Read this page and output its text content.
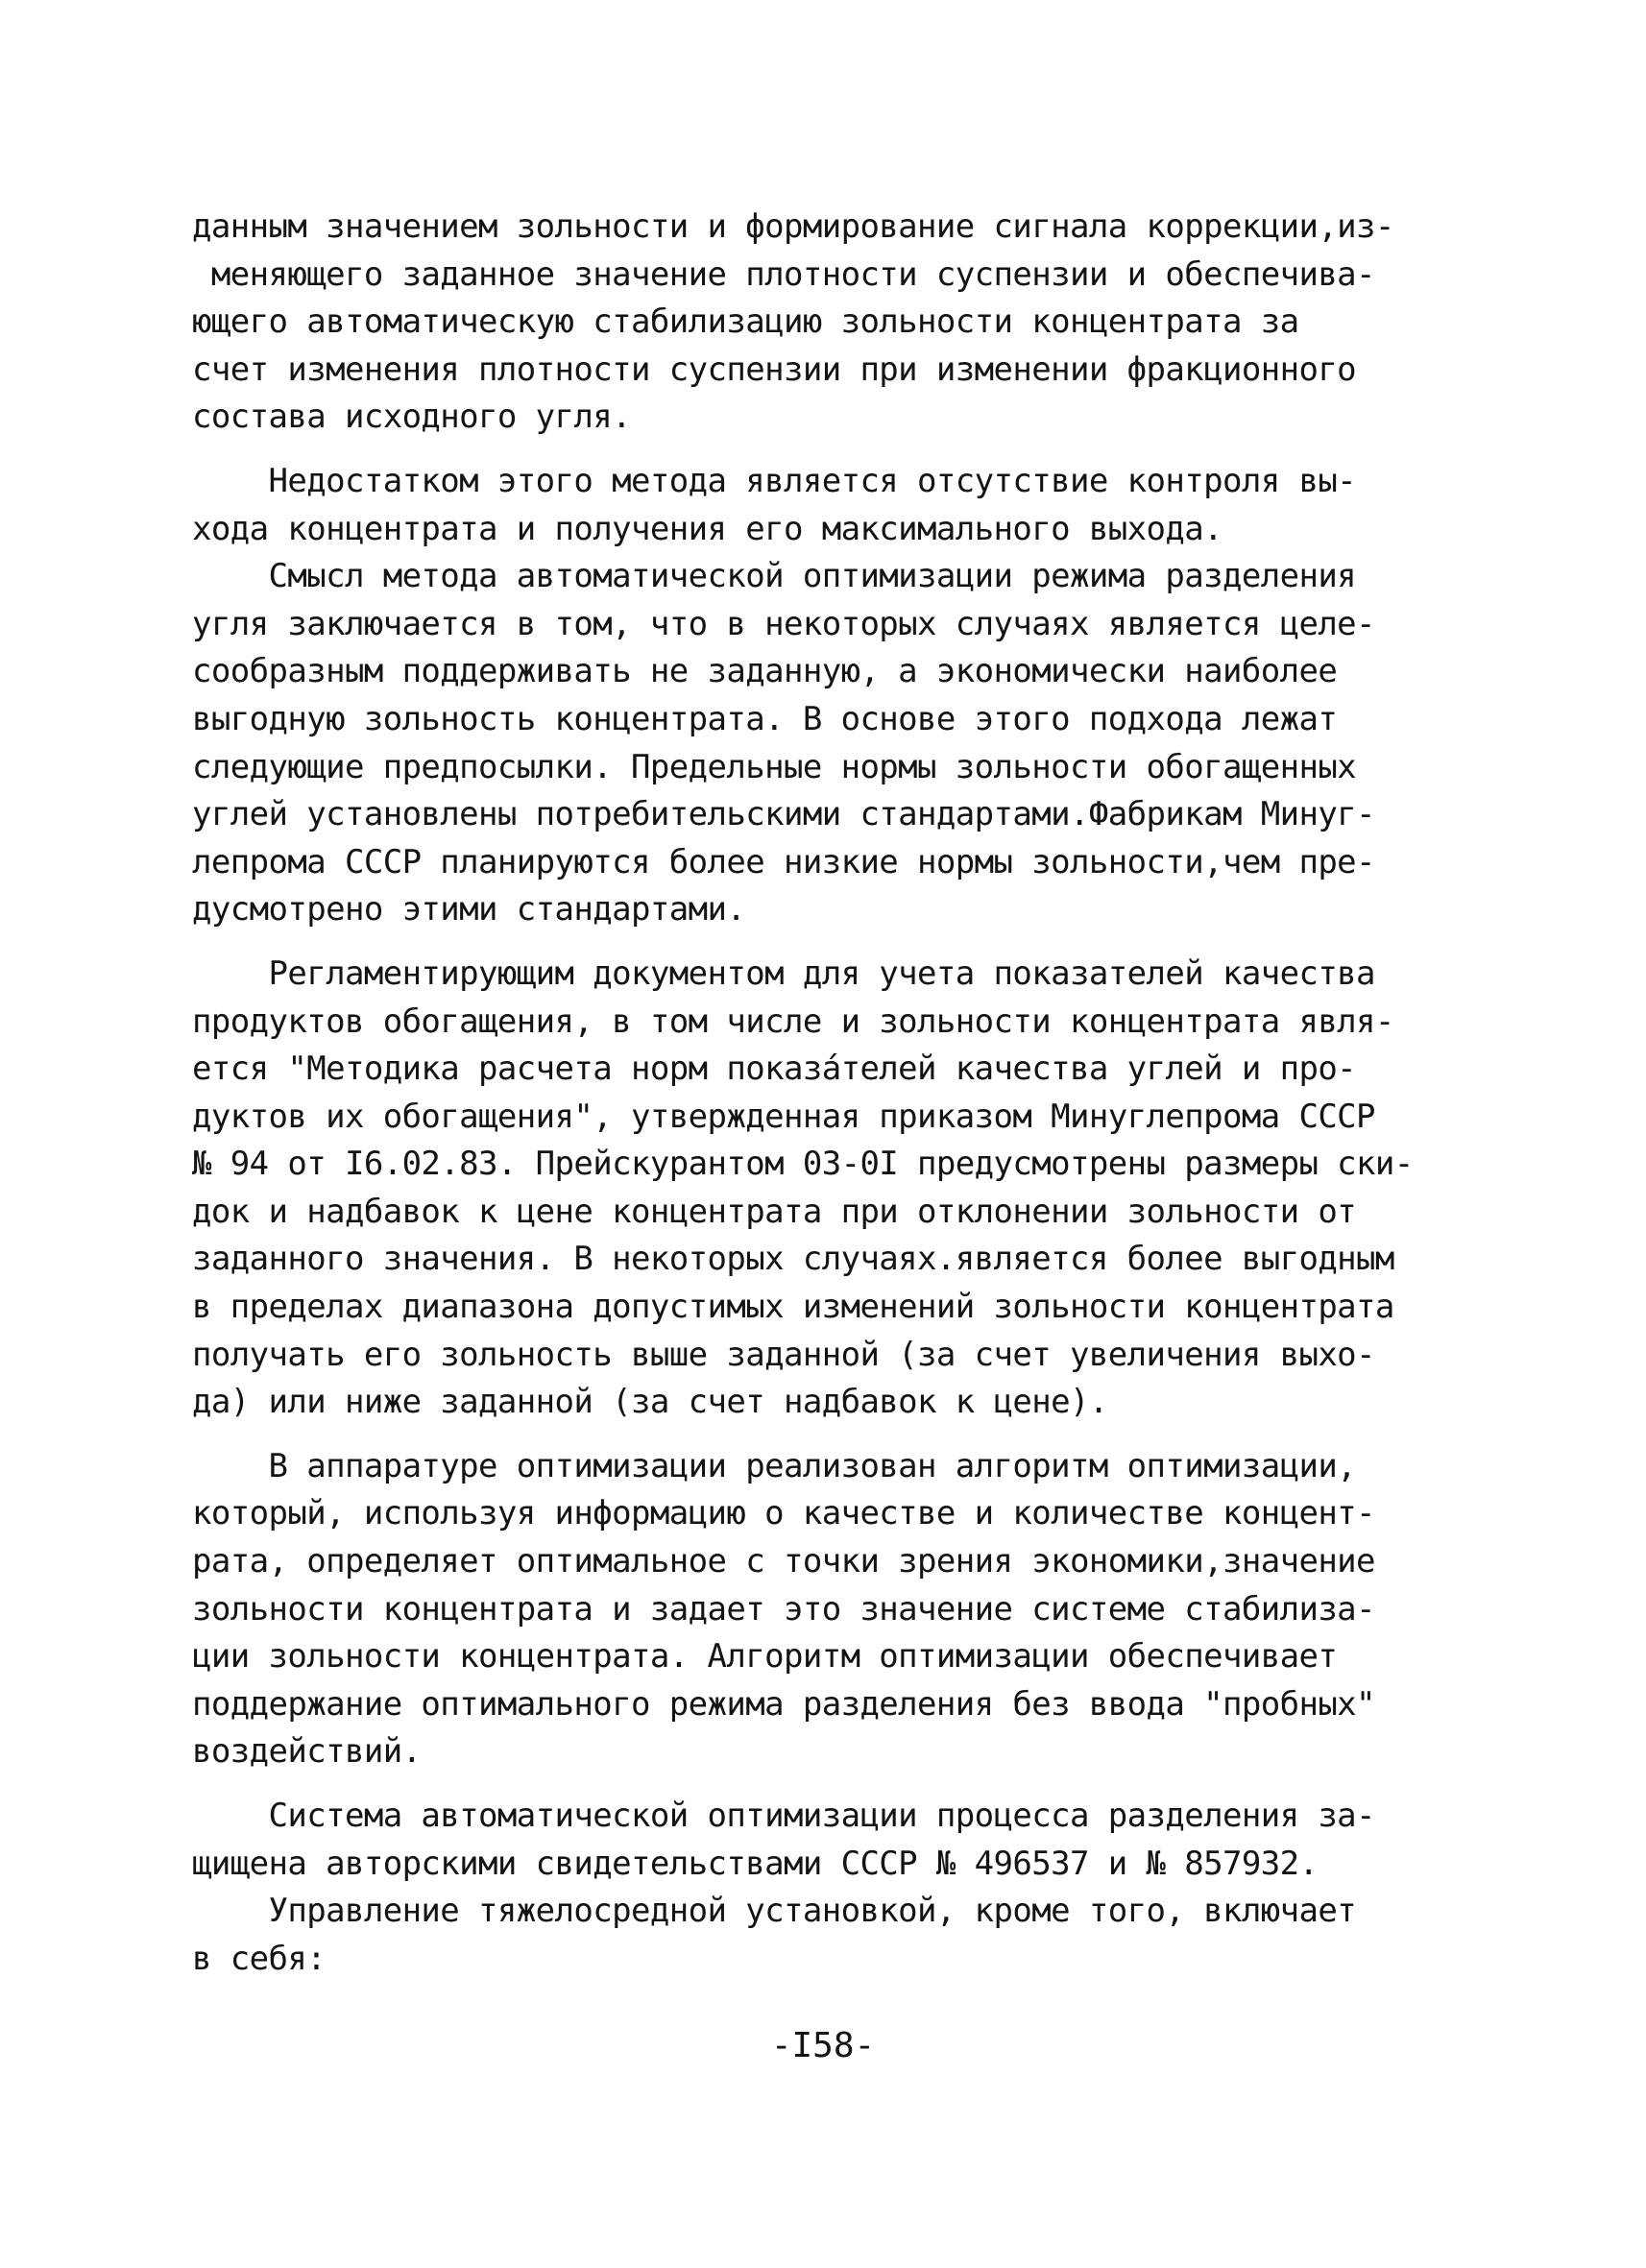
данным значением зольности и формирование сигнала коррекции,из-
меняющего заданное значение плотности суспензии и обеспечива-
ющего автоматическую стабилизацию зольности концентрата за
счет изменения плотности суспензии при изменении фракционного
состава исходного угля.

Недостатком этого метода является отсутствие контроля вы-
хода концентрата и получения его максимального выхода.
Смысл метода автоматической оптимизации режима разделения
угля заключается в том, что в некоторых случаях является целе-
сообразным поддерживать не заданную, а экономически наиболее
выгодную зольность концентрата. В основе этого подхода лежат
следующие предпосылки. Предельные нормы зольности обогащенных
углей установлены потребительскими стандартами.Фабрикам Минуг-
лепрома СССР планируются более низкие нормы зольности,чем пре-
дусмотрено этими стандартами.

Регламентирующим документом для учета показателей качества
продуктов обогащения, в том числе и зольности концентрата явля-
ется "Методика расчета норм показáтелей качества углей и про-
дуктов их обогащения", утвержденная приказом Минуглепрома СССР
№ 94 от I6.02.83. Прейскурантом 03-0I предусмотрены размеры ски-
док и надбавок к цене концентрата при отклонении зольности от
заданного значения. В некоторых случаях.является более выгодным
в пределах диапазона допустимых изменений зольности концентрата
получать его зольность выше заданной (за счет увеличения выхо-
да) или ниже заданной (за счет надбавок к цене).

В аппаратуре оптимизации реализован алгоритм оптимизации,
который, используя информацию о качестве и количестве концент-
рата, определяет оптимальное с точки зрения экономики,значение
зольности концентрата и задает это значение системе стабилиза-
ции зольности концентрата. Алгоритм оптимизации обеспечивает
поддержание оптимального режима разделения без ввода "пробных"
воздействий.

Система автоматической оптимизации процесса разделения за-
щищена авторскими свидетельствами СССР № 496537 и № 857932.
Управление тяжелосредной установкой, кроме того, включает
в себя:

-I58-
